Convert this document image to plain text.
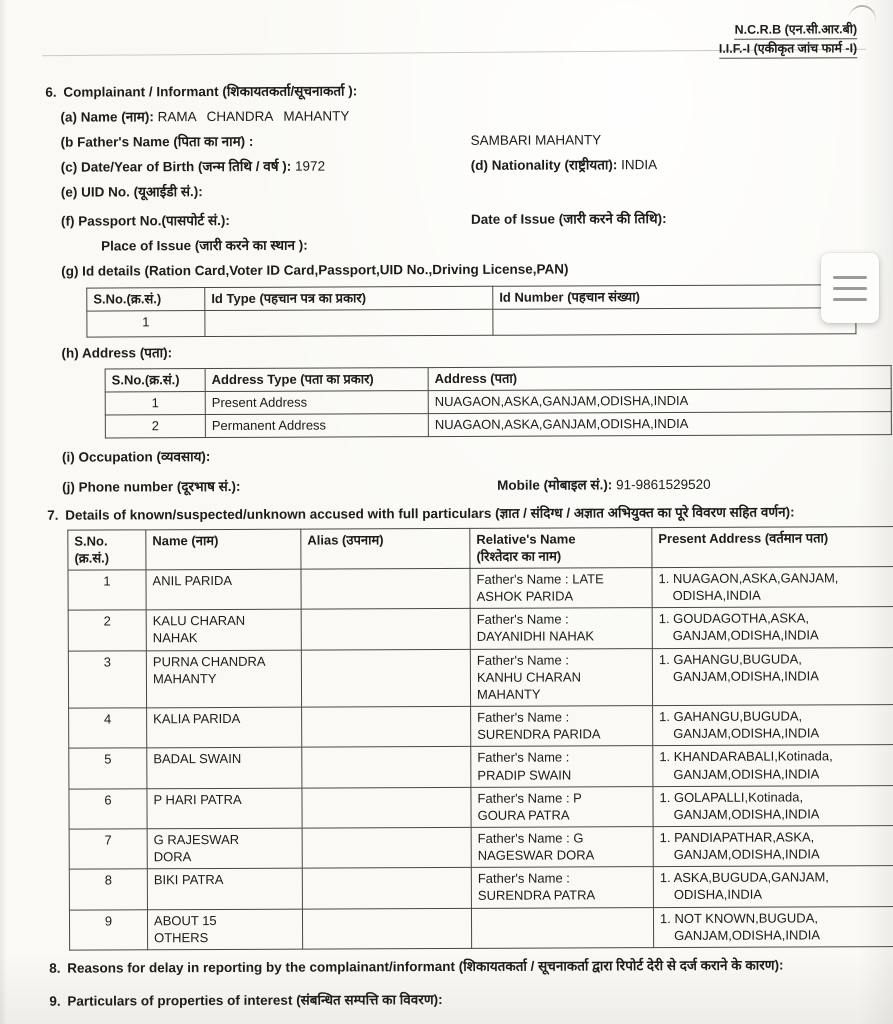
N.C.R.B (एन.सी.आर.बी)
I.I.F.-I (एकीकृत जांच फार्म -I)
6. Complainant / Informant (शिकायतकर्ता/सूचनाकर्ता ):
(a) Name (नाम): RAMA CHANDRA MAHANTY
(b Father's Name (पिता का नाम) :	SAMBARI MAHANTY
(c) Date/Year of Birth (जन्म तिथि / वर्ष ): 1972	(d) Nationality (राष्ट्रीयता): INDIA
(e) UID No. (यूआईडी सं.):
(f) Passport No.(पासपोर्ट सं.):	Date of Issue (जारी करने की तिथि):
Place of Issue (जारी करने का स्थान ):
(g) Id details (Ration Card,Voter ID Card,Passport,UID No.,Driving License,PAN)
S.No.(क्र.सं.)	Id Type (पहचान पत्र का प्रकार)	Id Number (पहचान संख्या)
1		
(h) Address (पता):
S.No.(क्र.सं.)	Address Type (पता का प्रकार)	Address (पता)
1	Present Address	NUAGAON,ASKA,GANJAM,ODISHA,INDIA
2	Permanent Address	NUAGAON,ASKA,GANJAM,ODISHA,INDIA
(i) Occupation (व्यवसाय):
(j) Phone number (दूरभाष सं.):	Mobile (मोबाइल सं.): 91-9861529520
7. Details of known/suspected/unknown accused with full particulars (ज्ञात / संदिग्ध / अज्ञात अभियुक्त का पूरे विवरण सहित वर्णन):
S.No.
(क्र.सं.)	Name (नाम)	Alias (उपनाम)	Relative's Name
(रिश्तेदार का नाम)	Present Address (वर्तमान पता)
1	ANIL PARIDA		Father's Name : LATE
ASHOK PARIDA	1. NUAGAON,ASKA,GANJAM,
ODISHA,INDIA
2	KALU CHARAN
NAHAK		Father's Name :
DAYANIDHI NAHAK	1. GOUDAGOTHA,ASKA,
GANJAM,ODISHA,INDIA
3	PURNA CHANDRA
MAHANTY		Father's Name :
KANHU CHARAN
MAHANTY	1. GAHANGU,BUGUDA,
GANJAM,ODISHA,INDIA
4	KALIA PARIDA		Father's Name :
SURENDRA PARIDA	1. GAHANGU,BUGUDA,
GANJAM,ODISHA,INDIA
5	BADAL SWAIN		Father's Name :
PRADIP SWAIN	1. KHANDARABALI,Kotinada,
GANJAM,ODISHA,INDIA
6	P HARI PATRA		Father's Name : P
GOURA PATRA	1. GOLAPALLI,Kotinada,
GANJAM,ODISHA,INDIA
7	G RAJESWAR
DORA		Father's Name : G
NAGESWAR DORA	1. PANDIAPATHAR,ASKA,
GANJAM,ODISHA,INDIA
8	BIKI PATRA		Father's Name :
SURENDRA PATRA	1. ASKA,BUGUDA,GANJAM,
ODISHA,INDIA
9	ABOUT 15
OTHERS			1. NOT KNOWN,BUGUDA,
GANJAM,ODISHA,INDIA
8. Reasons for delay in reporting by the complainant/informant (शिकायतकर्ता / सूचनाकर्ता द्वारा रिपोर्ट देरी से दर्ज कराने के कारण):
9. Particulars of properties of interest (संबन्धित सम्पत्ति का विवरण):
